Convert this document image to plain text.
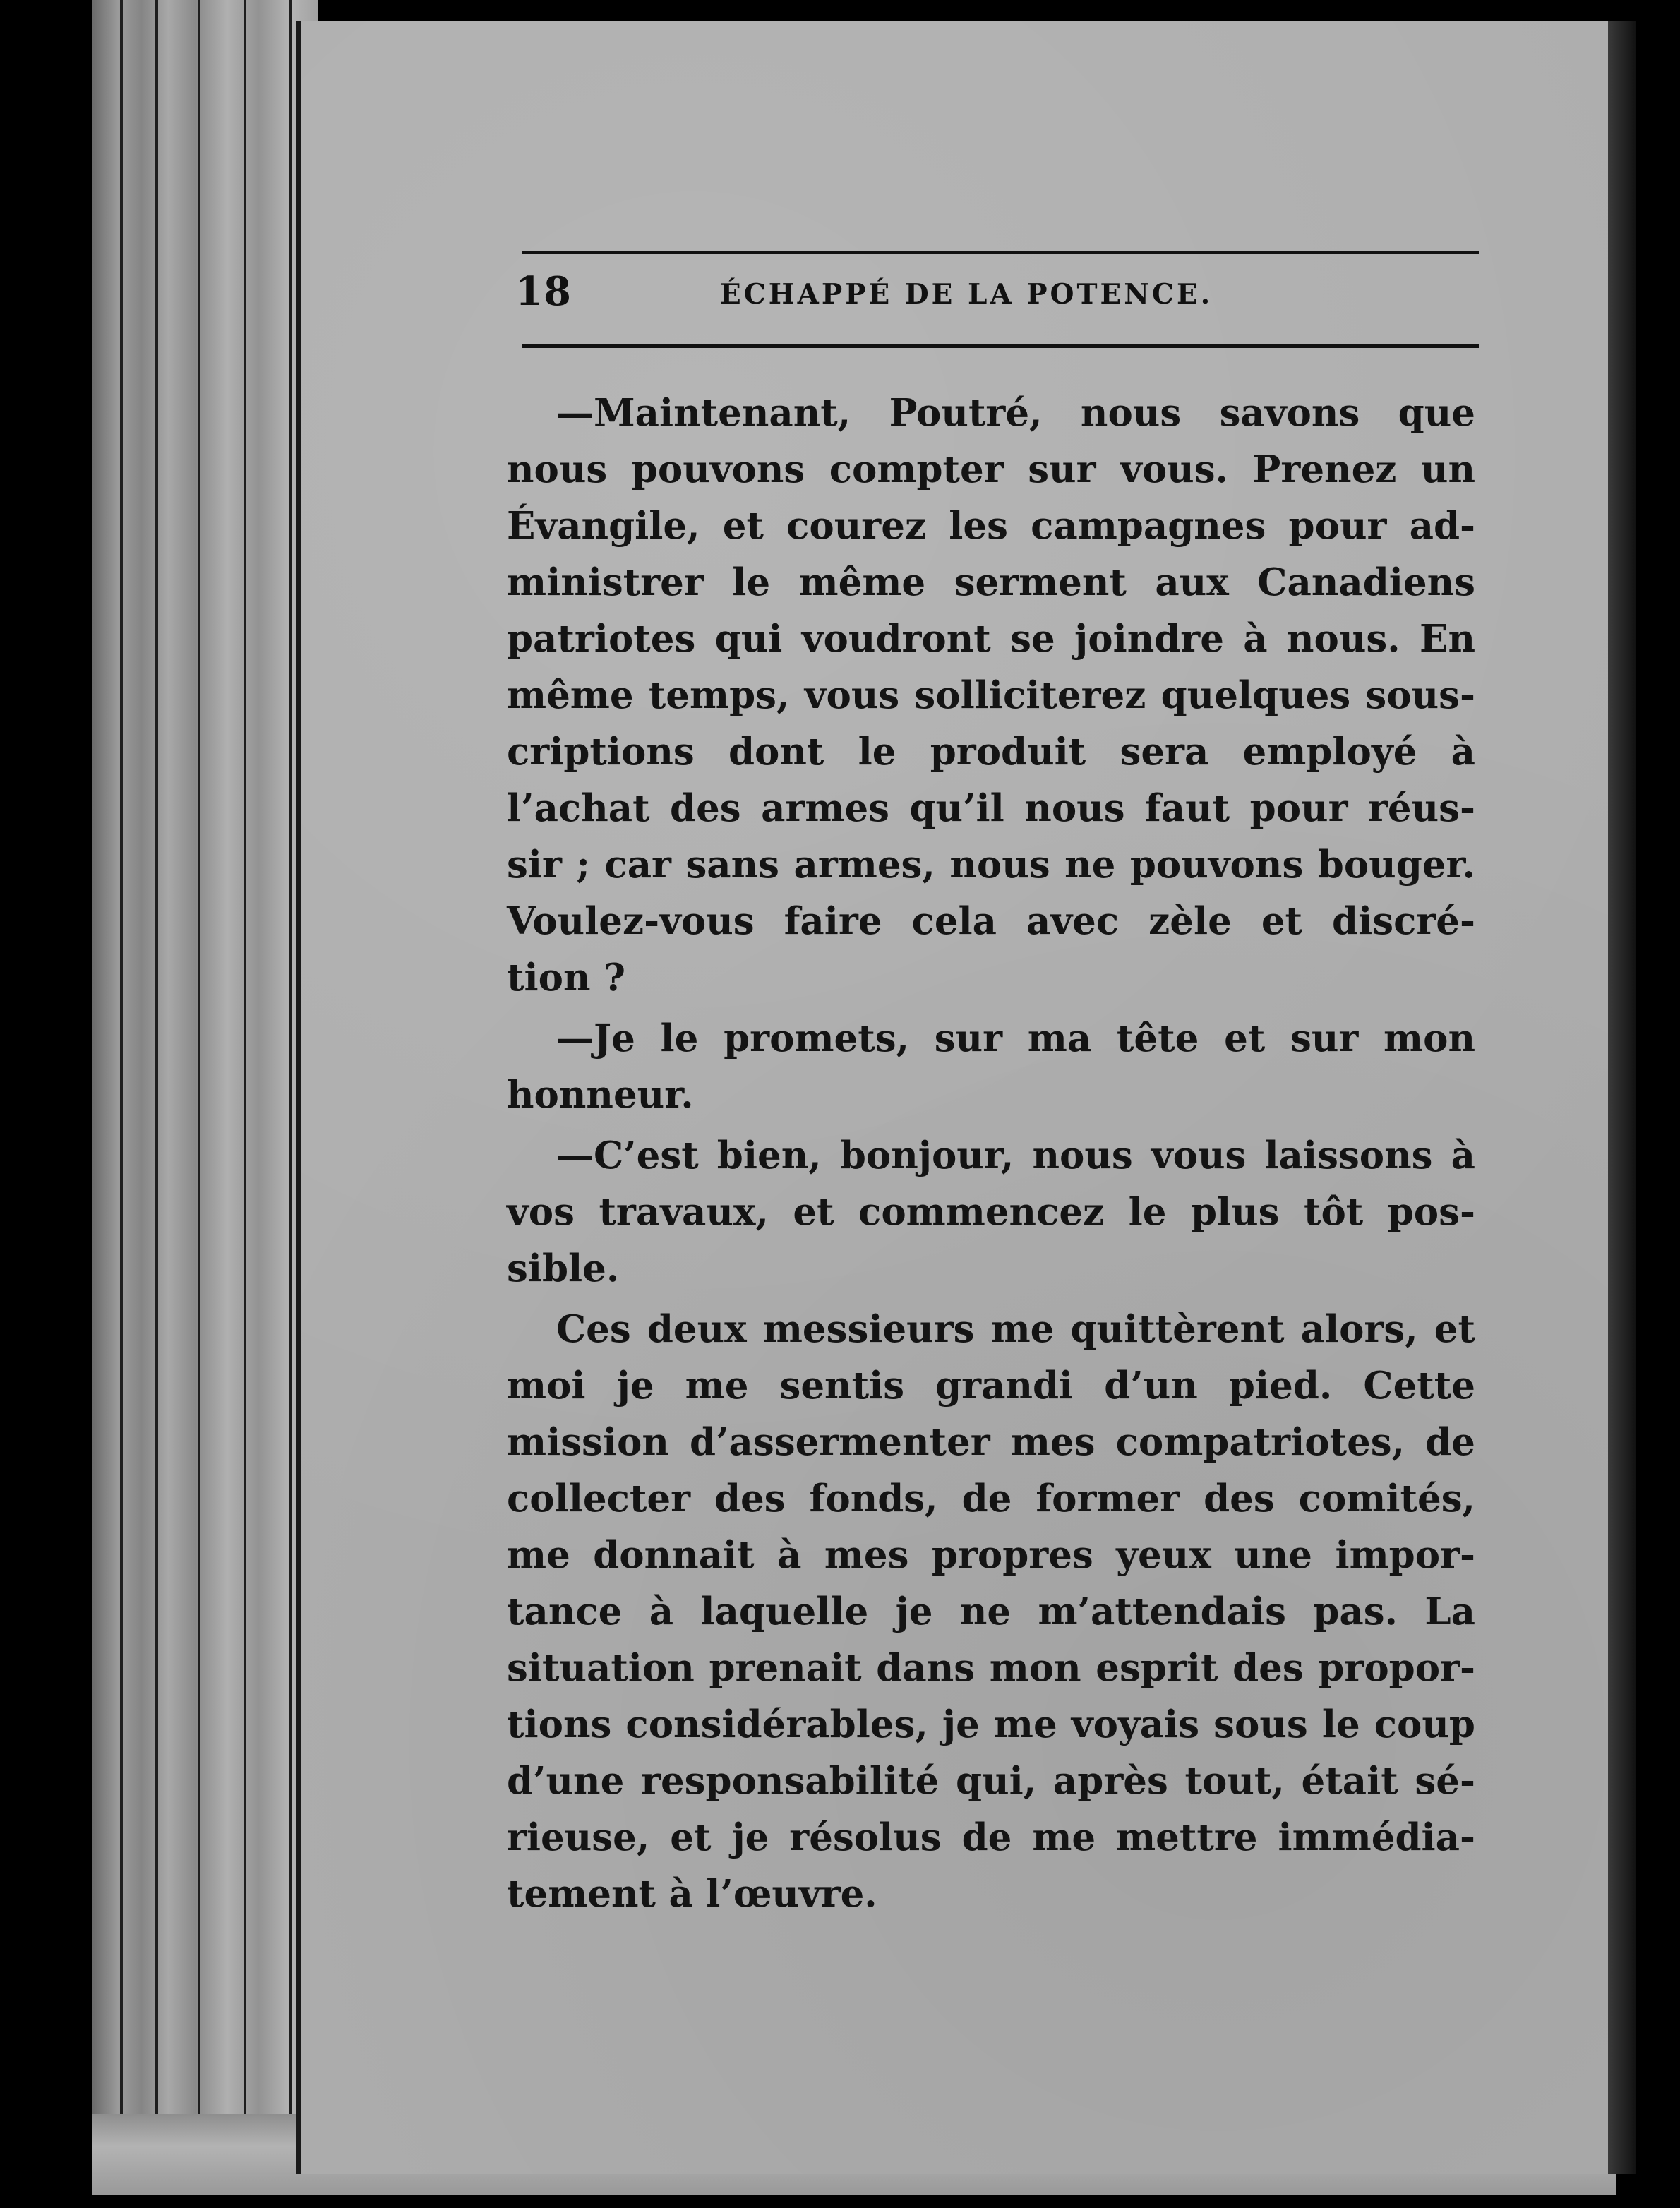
18	ÉCHAPPÉ DE LA POTENCE.
—Maintenant, Poutré, nous savons que
nous pouvons compter sur vous. Prenez un
Évangile, et courez les campagnes pour ad-
ministrer le même serment aux Canadiens
patriotes qui voudront se joindre à nous. En
même temps, vous solliciterez quelques sous-
criptions dont le produit sera employé à
l’achat des armes qu’il nous faut pour réus-
sir ; car sans armes, nous ne pouvons bouger.
Voulez-vous faire cela avec zèle et discré-
tion ?
—Je le promets, sur ma tête et sur mon
honneur.
—C’est bien, bonjour, nous vous laissons à
vos travaux, et commencez le plus tôt pos-
sible.
Ces deux messieurs me quittèrent alors, et
moi je me sentis grandi d’un pied. Cette
mission d’assermenter mes compatriotes, de
collecter des fonds, de former des comités,
me donnait à mes propres yeux une impor-
tance à laquelle je ne m’attendais pas. La
situation prenait dans mon esprit des propor-
tions considérables, je me voyais sous le coup
d’une responsabilité qui, après tout, était sé-
rieuse, et je résolus de me mettre immédia-
tement à l’œuvre.
